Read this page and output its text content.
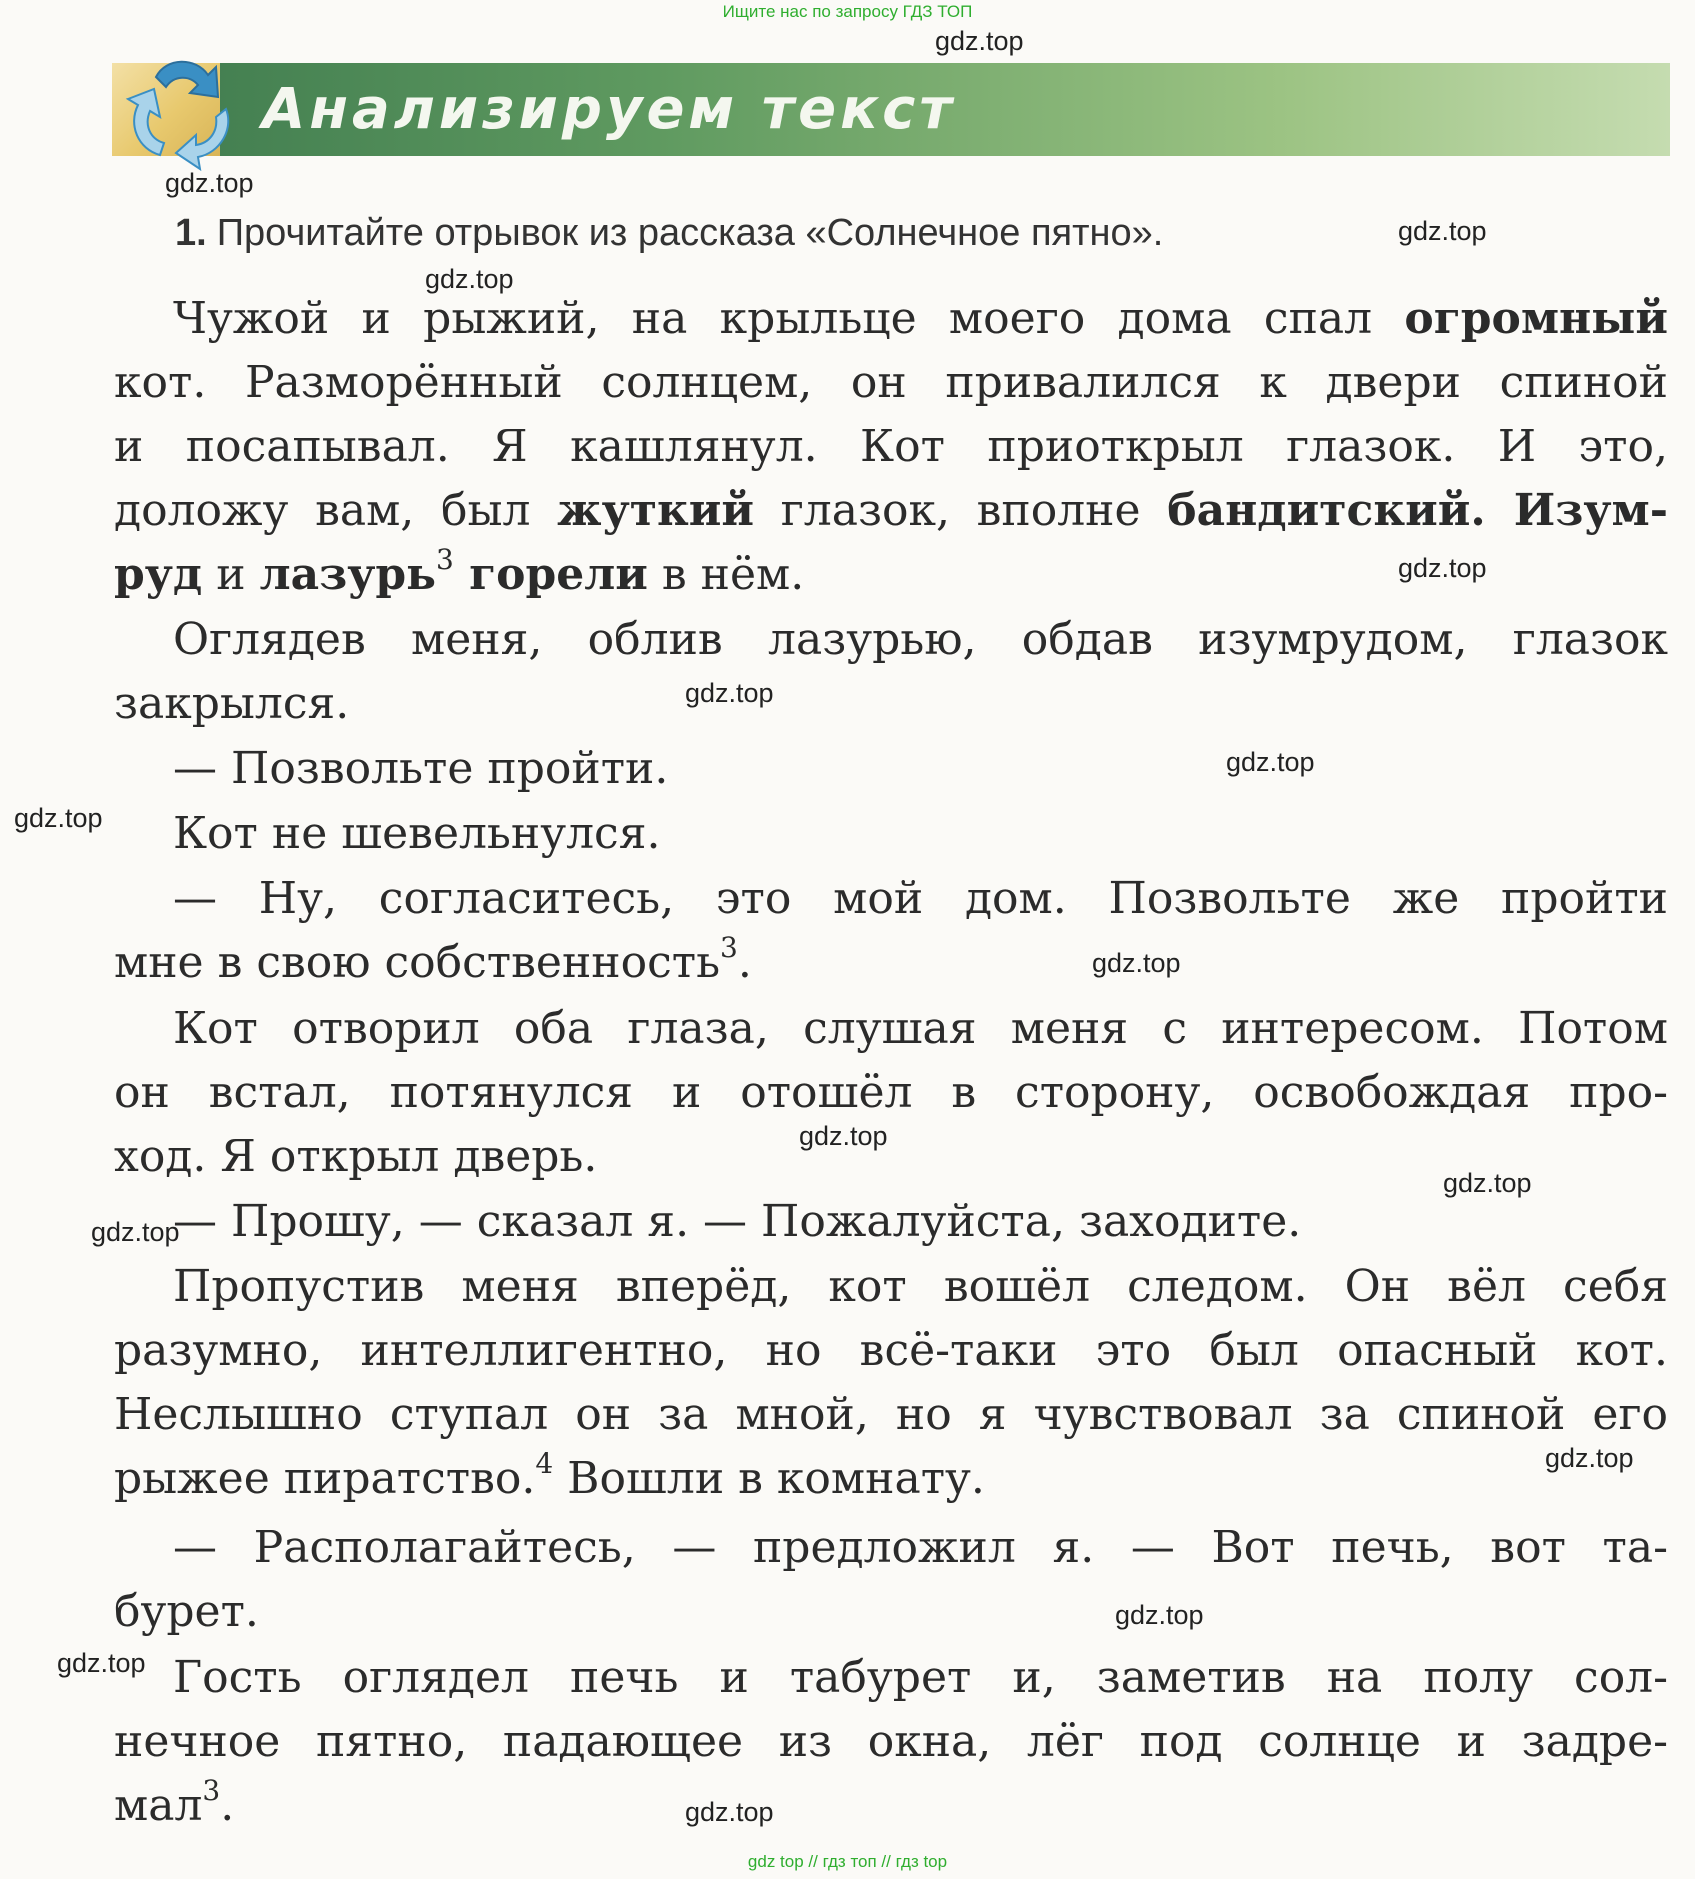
Ищите нас по запросу ГДЗ ТОП
Анализируем текст
1. Прочитайте отрывок из рассказа «Солнечное пятно».
Чужой и рыжий, на крыльце моего дома спал огромный
кот. Разморённый солнцем, он привалился к двери спиной
и посапывал. Я кашлянул. Кот приоткрыл глазок. И это,
доложу вам, был жуткий глазок, вполне бандитский. Изум-
руд и лазурь$^3$ горели в нём.
Оглядев меня, облив лазурью, обдав изумрудом, глазок
закрылся.
— Позвольте пройти.
Кот не шевельнулся.
— Ну, согласитесь, это мой дом. Позвольте же пройти
мне в свою собственность$^3$.
Кот отворил оба глаза, слушая меня с интересом. Потом
он встал, потянулся и отошёл в сторону, освобождая про-
ход. Я открыл дверь.
— Прошу, — сказал я. — Пожалуйста, заходите.
Пропустив меня вперёд, кот вошёл следом. Он вёл себя
разумно, интеллигентно, но всё-таки это был опасный кот.
Неслышно ступал он за мной, но я чувствовал за спиной его
рыжее пиратство.$^4$ Вошли в комнату.
— Располагайтесь, — предложил я. — Вот печь, вот та-
бурет.
Гость оглядел печь и табурет и, заметив на полу сол-
нечное пятно, падающее из окна, лёг под солнце и задре-
мал$^3$.
gdz.top
gdz.top
gdz.top
gdz.top
gdz.top
gdz.top
gdz.top
gdz.top
gdz.top
gdz.top
gdz.top
gdz.top
gdz.top
gdz.top
gdz.top
gdz.top
gdz top // гдз топ // гдз top
